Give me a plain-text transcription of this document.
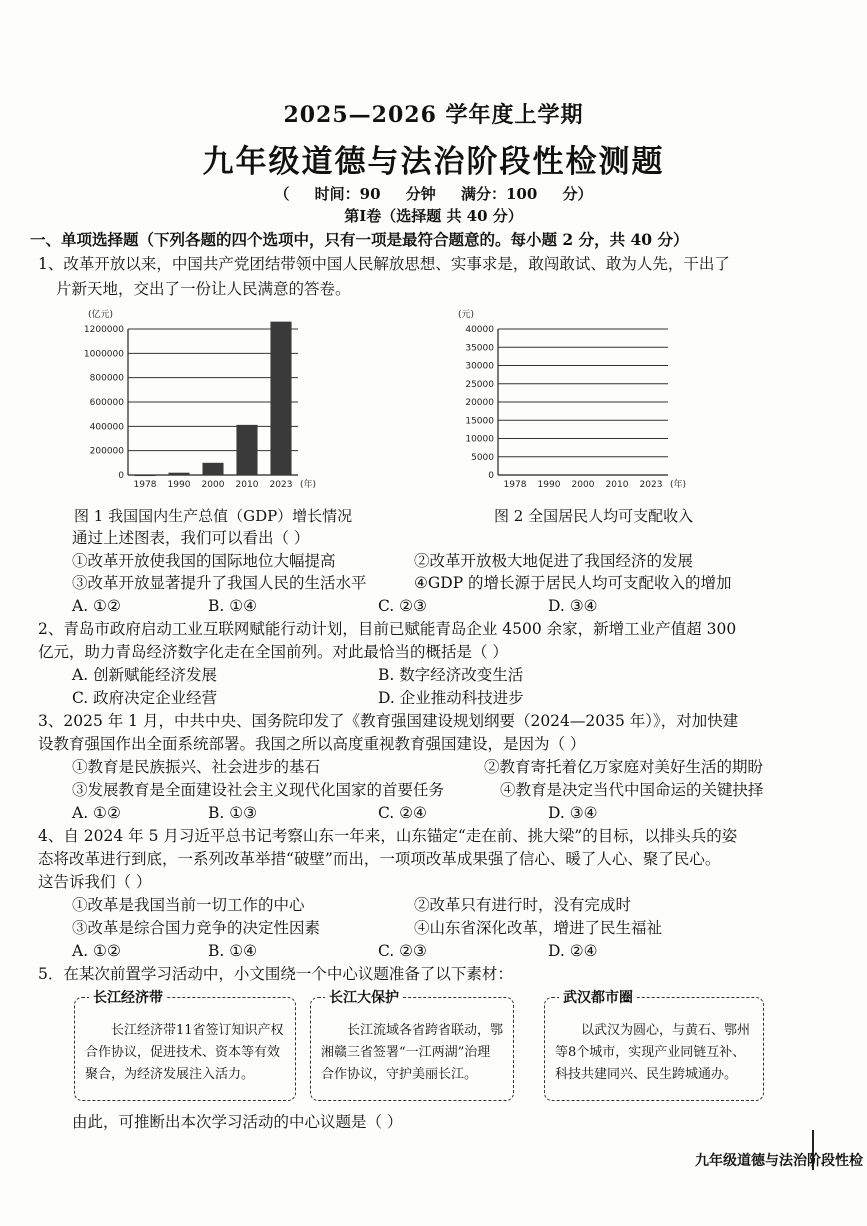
2025—2026 学年度上学期
九年级道德与法治阶段性检测题
（ 时间：90 分钟 满分：100 分）
第Ⅰ卷（选择题 共 40 分）
一、单项选择题（下列各题的四个选项中，只有一项是最符合题意的。每小题 2 分，共 40 分）
1、改革开放以来，中国共产党团结带领中国人民解放思想、实事求是，敢闯敢试、敢为人先，干出了
片新天地，交出了一份让人民满意的答卷。
(亿元)
0
200000
400000
600000
800000
1000000
1200000
1978 1990 2000 2010 2023 (年)
(元)
0
5000
10000
15000
20000
25000
30000
35000
40000
1978 1990 2000 2010 2023 (年)
图 1 我国国内生产总值（GDP）增长情况	图 2 全国居民人均可支配收入
通过上述图表，我们可以看出（ ）
①改革开放使我国的国际地位大幅提高	②改革开放极大地促进了我国经济的发展
③改革开放显著提升了我国人民的生活水平	④GDP 的增长源于居民人均可支配收入的增加
A. ①②	B. ①④	C. ②③	D. ③④
2、青岛市政府启动工业互联网赋能行动计划，目前已赋能青岛企业 4500 余家，新增工业产值超 300
亿元，助力青岛经济数字化走在全国前列。对此最恰当的概括是（ ）
A. 创新赋能经济发展	B. 数字经济改变生活
C. 政府决定企业经营	D. 企业推动科技进步
3、2025 年 1 月，中共中央、国务院印发了《教育强国建设规划纲要（2024—2035 年）》，对加快建
设教育强国作出全面系统部署。我国之所以高度重视教育强国建设，是因为（ ）
①教育是民族振兴、社会进步的基石	②教育寄托着亿万家庭对美好生活的期盼
③发展教育是全面建设社会主义现代化国家的首要任务	④教育是决定当代中国命运的关键抉择
A. ①②	B. ①③	C. ②④	D. ③④
4、自 2024 年 5 月习近平总书记考察山东一年来，山东锚定“走在前、挑大梁”的目标，以排头兵的姿
态将改革进行到底，一系列改革举措“破壁”而出，一项项改革成果强了信心、暖了人心、聚了民心。
这告诉我们（ ）
①改革是我国当前一切工作的中心	②改革只有进行时，没有完成时
③改革是综合国力竞争的决定性因素	④山东省深化改革，增进了民生福祉
A. ①②	B. ①④	C. ②③	D. ②④
5．在某次前置学习活动中，小文围绕一个中心议题准备了以下素材：
长江经济带
长江经济带11省签订知识产权合作协议，促进技术、资本等有效聚合，为经济发展注入活力。
长江大保护
长江流域各省跨省联动，鄂湘赣三省签署“一江两湖”治理合作协议，守护美丽长江。
武汉都市圈
以武汉为圆心，与黄石、鄂州等8个城市，实现产业同链互补、科技共建同兴、民生跨城通办。
由此，可推断出本次学习活动的中心议题是（ ）
九年级道德与法治阶段性检
